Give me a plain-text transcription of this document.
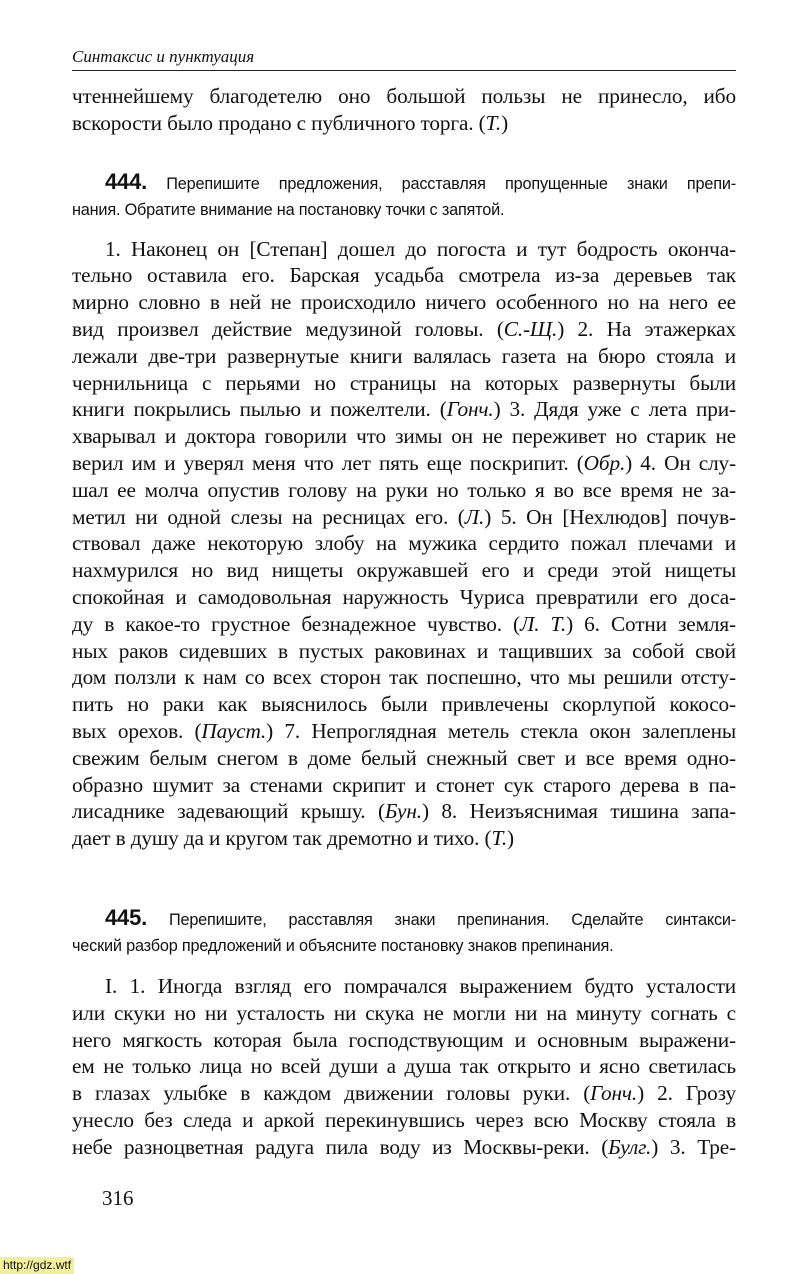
Синтаксис и пунктуация
чтеннейшему благодетелю оно большой пользы не принесло, ибо
вскорости было продано с публичного торга. (Т.)
444. Перепишите предложения, расставляя пропущенные знаки препи-
нания. Обратите внимание на постановку точки с запятой.
1. Наконец он [Степан] дошел до погоста и тут бодрость оконча-
тельно оставила его. Барская усадьба смотрела из-за деревьев так
мирно словно в ней не происходило ничего особенного но на него ее
вид произвел действие медузиной головы. (С.-Щ.) 2. На этажерках
лежали две-три развернутые книги валялась газета на бюро стояла и
чернильница с перьями но страницы на которых развернуты были
книги покрылись пылью и пожелтели. (Гонч.) 3. Дядя уже с лета при-
хварывал и доктора говорили что зимы он не переживет но старик не
верил им и уверял меня что лет пять еще поскрипит. (Обр.) 4. Он слу-
шал ее молча опустив голову на руки но только я во все время не за-
метил ни одной слезы на ресницах его. (Л.) 5. Он [Нехлюдов] почув-
ствовал даже некоторую злобу на мужика сердито пожал плечами и
нахмурился но вид нищеты окружавшей его и среди этой нищеты
спокойная и самодовольная наружность Чуриса превратили его доса-
ду в какое-то грустное безнадежное чувство. (Л. Т.) 6. Сотни земля-
ных раков сидевших в пустых раковинах и тащивших за собой свой
дом ползли к нам со всех сторон так поспешно, что мы решили отсту-
пить но раки как выяснилось были привлечены скорлупой кокосо-
вых орехов. (Пауст.) 7. Непроглядная метель стекла окон залеплены
свежим белым снегом в доме белый снежный свет и все время одно-
образно шумит за стенами скрипит и стонет сук старого дерева в па-
лисаднике задевающий крышу. (Бун.) 8. Неизъяснимая тишина запа-
дает в душу да и кругом так дремотно и тихо. (Т.)
445. Перепишите, расставляя знаки препинания. Сделайте синтакси-
ческий разбор предложений и объясните постановку знаков препинания.
I. 1. Иногда взгляд его помрачался выражением будто усталости
или скуки но ни усталость ни скука не могли ни на минуту согнать с
него мягкость которая была господствующим и основным выражени-
ем не только лица но всей души а душа так открыто и ясно светилась
в глазах улыбке в каждом движении головы руки. (Гонч.) 2. Грозу
унесло без следа и аркой перекинувшись через всю Москву стояла в
небе разноцветная радуга пила воду из Москвы-реки. (Булг.) 3. Тре-
316
http://gdz.wtf
